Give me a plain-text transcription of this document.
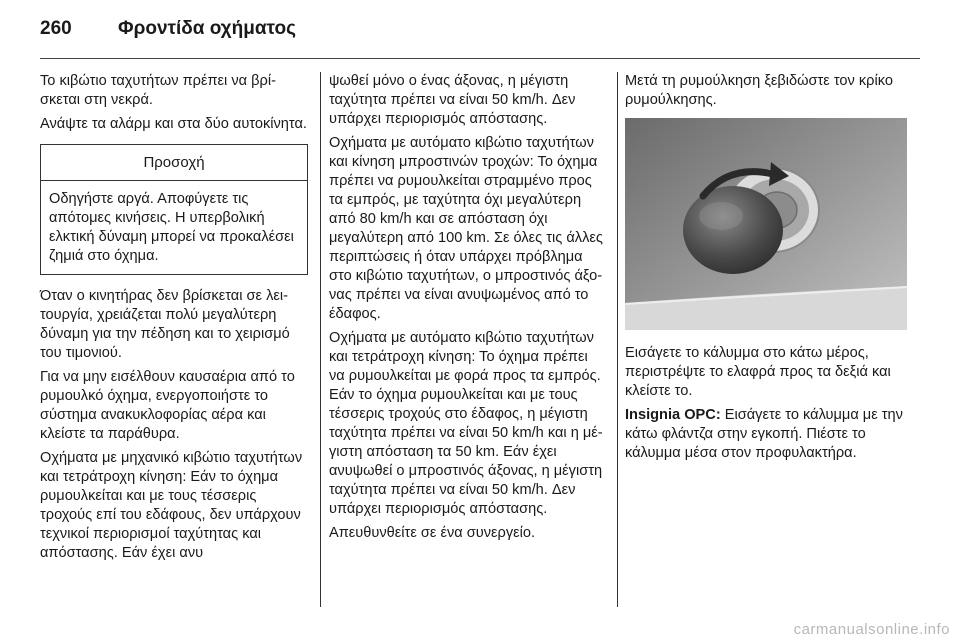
260 Φροντίδα οχήματος

Το κιβώτιο ταχυτήτων πρέπει να βρίσκεται στη νεκρά.

Ανάψτε τα αλάρμ και στα δύο αυτοκίνητα.

Προσοχή
Οδηγήστε αργά. Αποφύγετε τις απότομες κινήσεις. Η υπερβολική ελκτική δύναμη μπορεί να προκαλέσει ζημιά στο όχημα.

Όταν ο κινητήρας δεν βρίσκεται σε λειτουργία, χρειάζεται πολύ μεγαλύτερη δύναμη για την πέδηση και το χειρισμό του τιμονιού.

Για να μην εισέλθουν καυσαέρια από το ρυμουλκό όχημα, ενεργοποιήστε το σύστημα ανακυκλοφορίας αέρα και κλείστε τα παράθυρα.

Οχήματα με μηχανικό κιβώτιο ταχυτήτων και τετράτροχη κίνηση: Εάν το όχημα ρυμουλκείται και με τους τέσσερις τροχούς επί του εδάφους, δεν υπάρχουν τεχνικοί περιορισμοί ταχύτητας και απόστασης. Εάν έχει ανυ

ψωθεί μόνο ο ένας άξονας, η μέγιστη ταχύτητα πρέπει να είναι 50 km/h. Δεν υπάρχει περιορισμός απόστασης.

Οχήματα με αυτόματο κιβώτιο ταχυτήτων και κίνηση μπροστινών τροχών: Το όχημα πρέπει να ρυμουλκείται στραμμένο προς τα εμπρός, με ταχύτητα όχι μεγαλύτερη από 80 km/h και σε απόσταση όχι μεγαλύτερη από 100 km. Σε όλες τις άλλες περιπτώσεις ή όταν υπάρχει πρόβλημα στο κιβώτιο ταχυτήτων, ο μπροστινός άξονας πρέπει να είναι ανυψωμένος από το έδαφος.

Οχήματα με αυτόματο κιβώτιο ταχυτήτων και τετράτροχη κίνηση: Το όχημα πρέπει να ρυμουλκείται με φορά προς τα εμπρός. Εάν το όχημα ρυμουλκείται και με τους τέσσερις τροχούς στο έδαφος, η μέγιστη ταχύτητα πρέπει να είναι 50 km/h και η μέγιστη απόσταση τα 50 km. Εάν έχει ανυψωθεί ο μπροστινός άξονας, η μέγιστη ταχύτητα πρέπει να είναι 50 km/h. Δεν υπάρχει περιορισμός απόστασης.

Απευθυνθείτε σε ένα συνεργείο.

Μετά τη ρυμούλκηση ξεβιδώστε τον κρίκο ρυμούλκησης.

Εισάγετε το κάλυμμα στο κάτω μέρος, περιστρέψτε το ελαφρά προς τα δεξιά και κλείστε το.

Insignia OPC: Εισάγετε το κάλυμμα με την κάτω φλάντζα στην εγκοπή. Πιέστε το κάλυμμα μέσα στον προφυλακτήρα.

carmanualsonline.info
